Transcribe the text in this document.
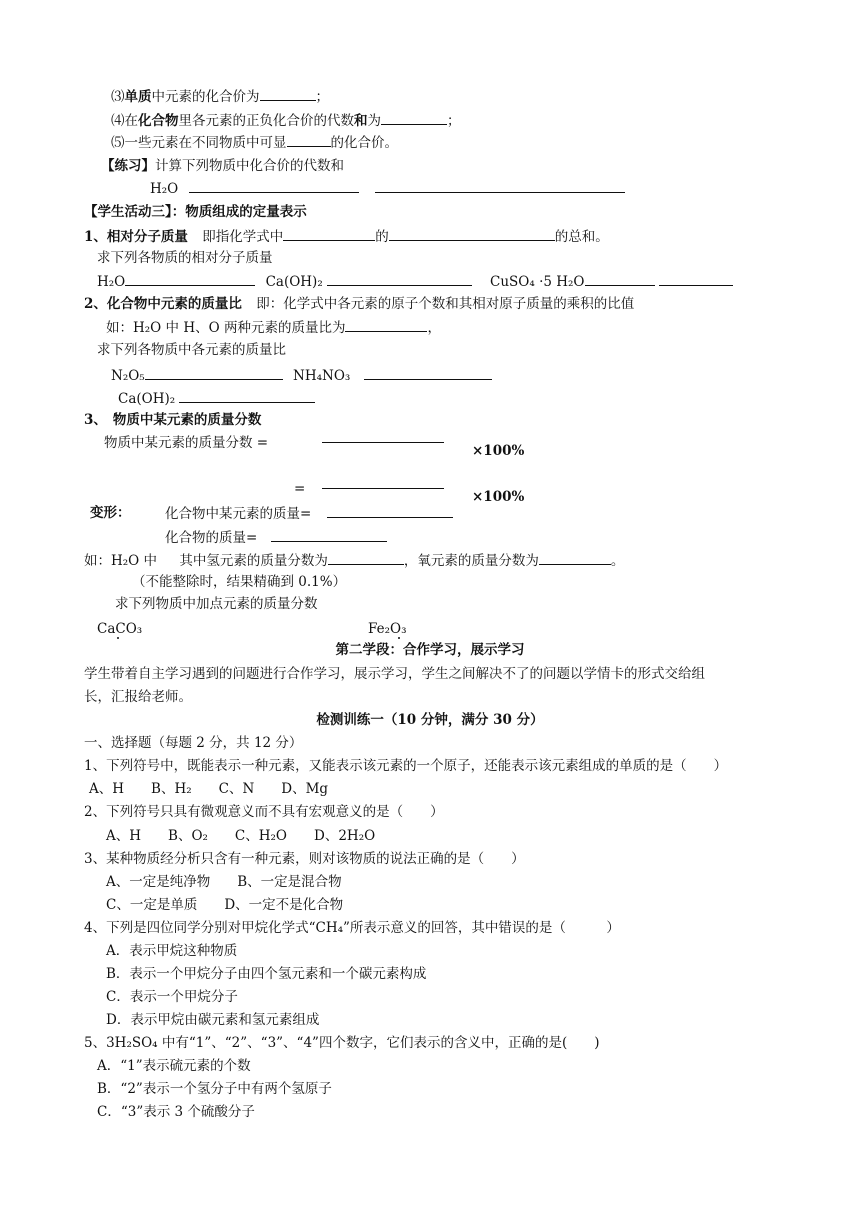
⑶单质中元素的化合价为	；
⑷在化合物里各元素的正负化合价的代数和为	；
⑸一些元素在不同物质中可显	的化合价。
【练习】计算下列物质中化合价的代数和
H₂O
【学生活动三】：物质组成的定量表示
1、相对分子质量 即指化学式中	的	的总和。
求下列各物质的相对分子质量
H₂O	Ca(OH)₂	CuSO₄ ·5 H₂O
2、化合物中元素的质量比 即：化学式中各元素的原子个数和其相对原子质量的乘积的比值
如：H₂O 中 H、O 两种元素的质量比为	，
求下列各物质中各元素的质量比
N₂O₅	NH₄NO₃
Ca(OH)₂
3、 物质中某元素的质量分数
物质中某元素的质量分数 =	×100%
=	×100%
变形：	化合物中某元素的质量=
化合物的质量=
如：H₂O 中 其中氢元素的质量分数为	，氧元素的质量分数为	。
（不能整除时，结果精确到 0.1%）
求下列物质中加点元素的质量分数
CaCO₃	Fe₂O₃
第二学段：合作学习，展示学习
学生带着自主学习遇到的问题进行合作学习，展示学习，学生之间解决不了的问题以学情卡的形式交给组
长，汇报给老师。
检测训练一（10 分钟，满分 30 分）
一、选择题（每题 2 分，共 12 分）
1、下列符号中，既能表示一种元素，又能表示该元素的一个原子，还能表示该元素组成的单质的是（　　）
A、H　　B、H₂　　C、N　　D、Mg
2、下列符号只具有微观意义而不具有宏观意义的是（　　）
A、H　　B、O₂　　C、H₂O　　D、2H₂O
3、某种物质经分析只含有一种元素，则对该物质的说法正确的是（　　）
A、一定是纯净物　　B、一定是混合物
C、一定是单质　　D、一定不是化合物
4、下列是四位同学分别对甲烷化学式“CH₄”所表示意义的回答，其中错误的是（　　　）
A．表示甲烷这种物质
B．表示一个甲烷分子由四个氢元素和一个碳元素构成
C．表示一个甲烷分子
D．表示甲烷由碳元素和氢元素组成
5、3H₂SO₄ 中有“1”、“2”、“3”、“4”四个数字，它们表示的含义中，正确的是(　　)
A．“1”表示硫元素的个数
B．“2”表示一个氢分子中有两个氢原子
C．“3”表示 3 个硫酸分子
